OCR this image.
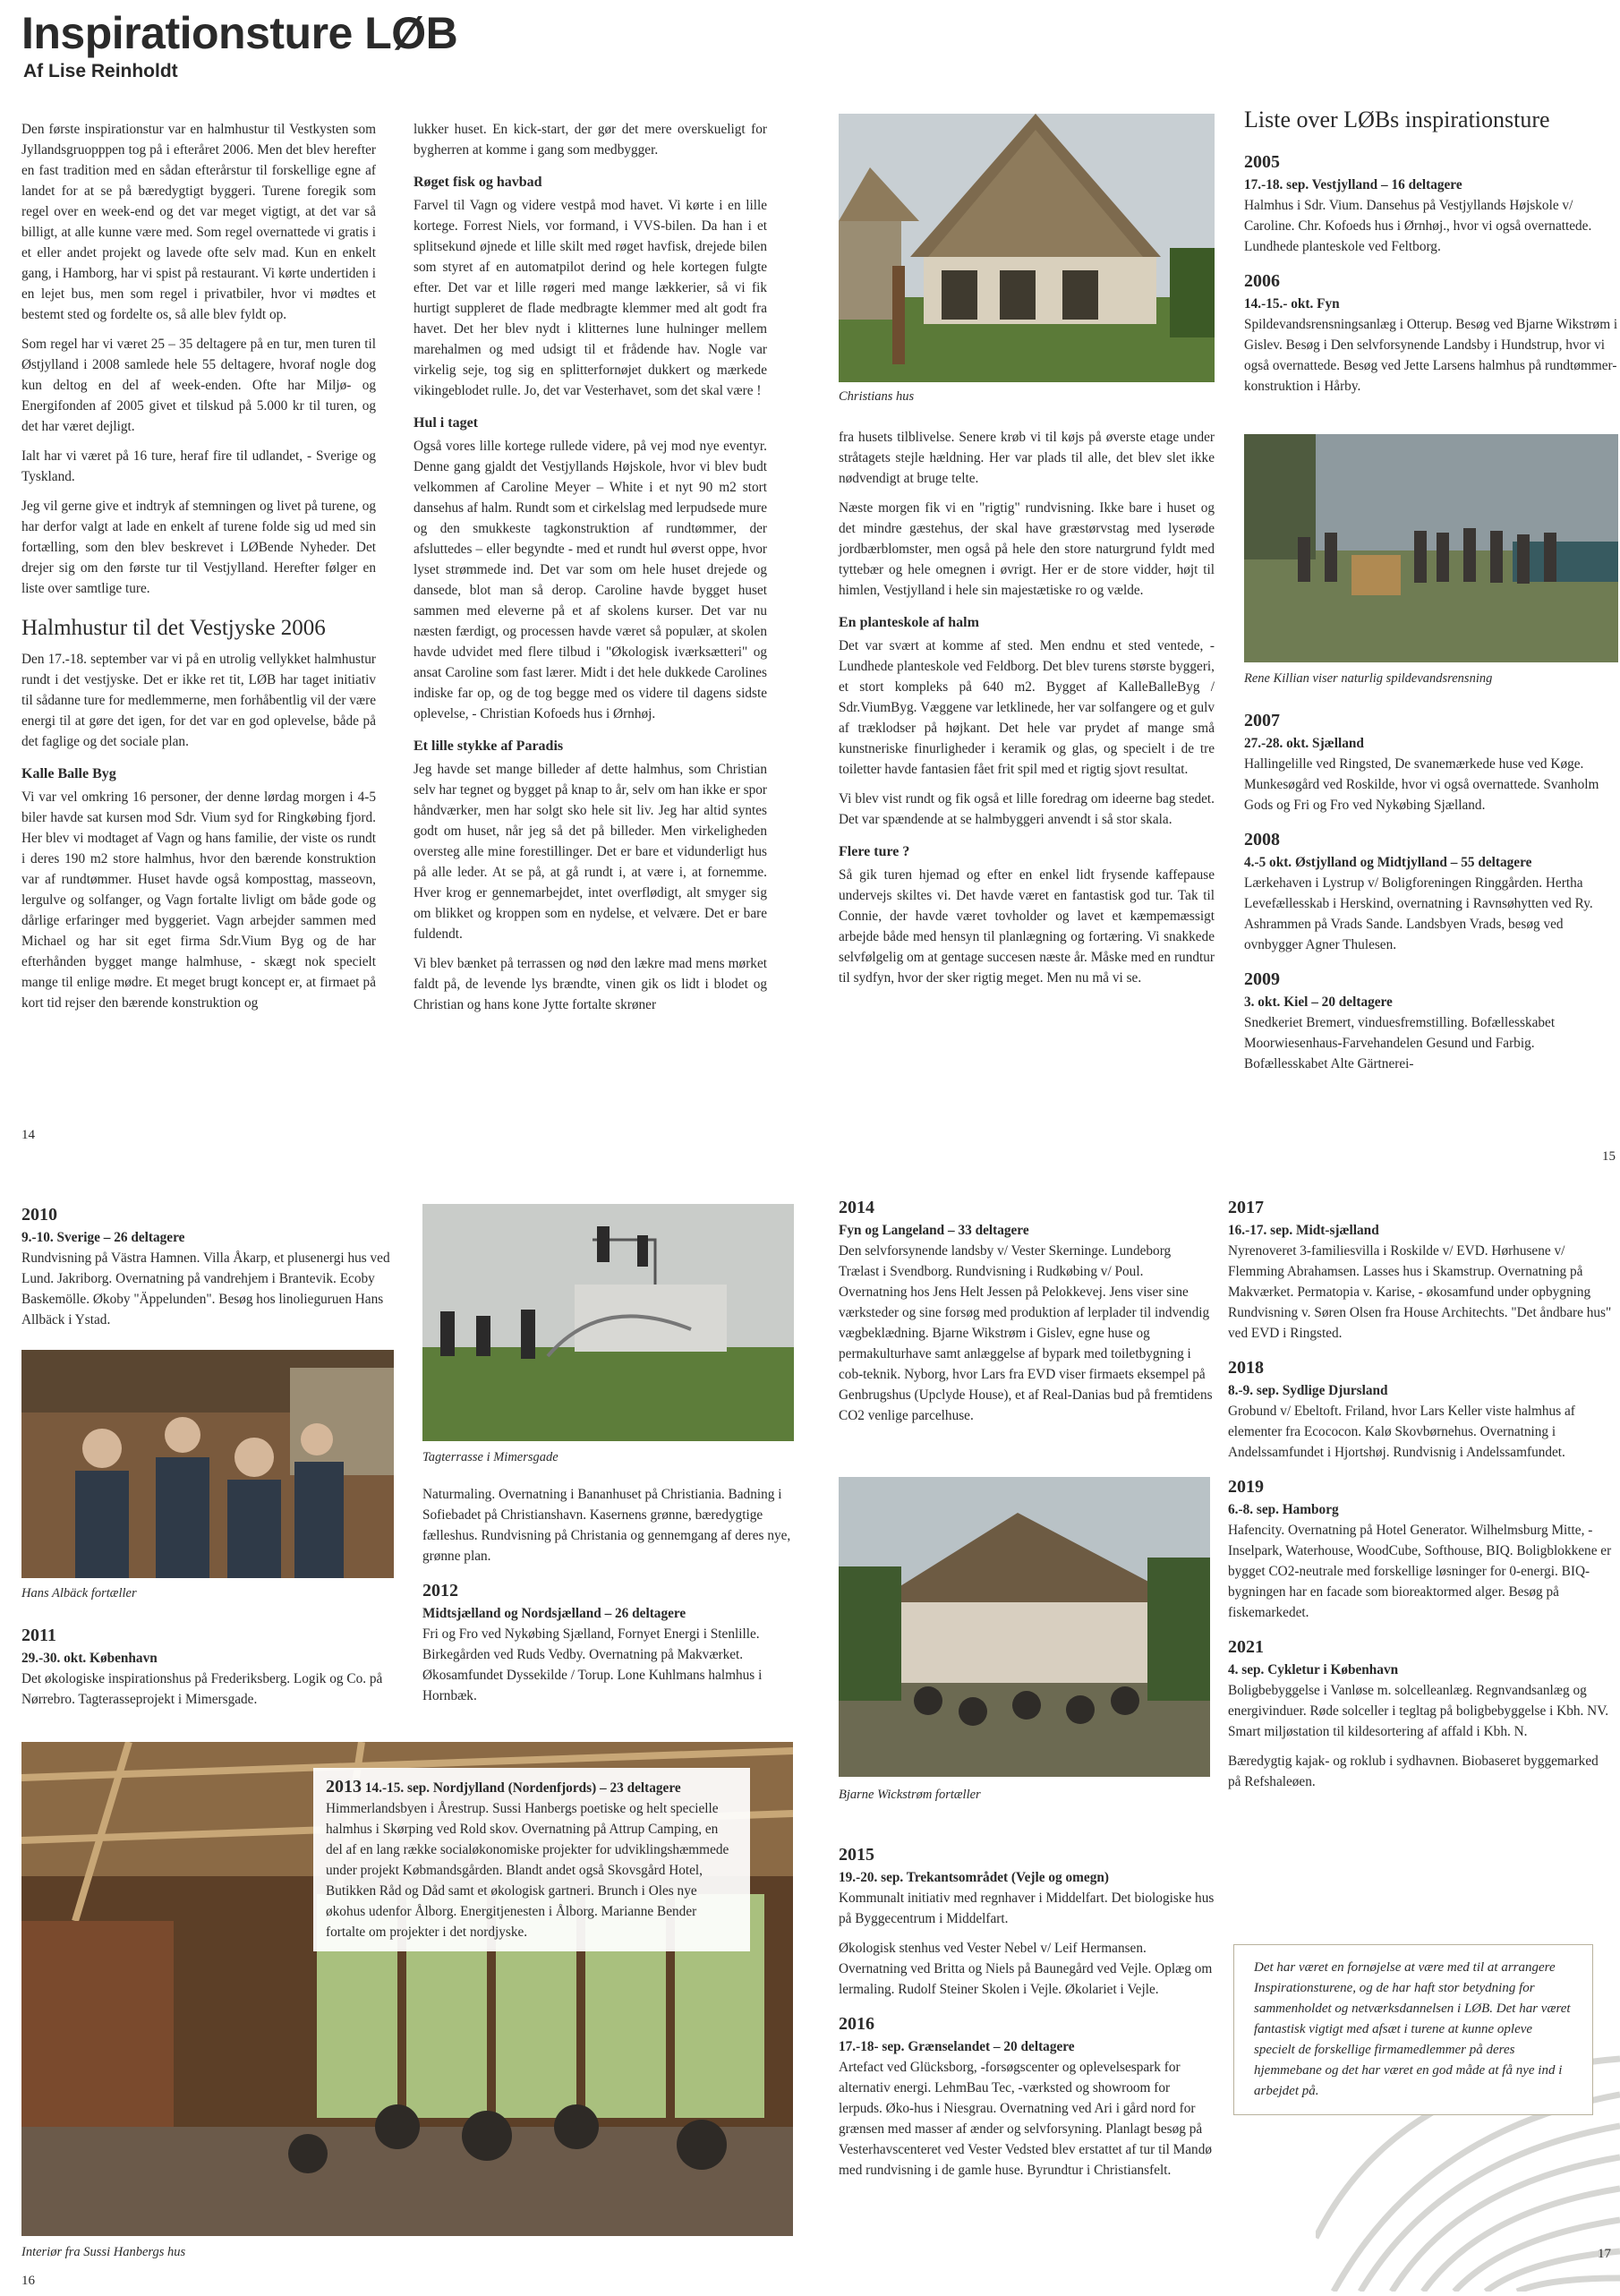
Inspirationsture LØB
Af Lise Reinholdt

Den første inspirationstur var en halmhustur til Vestkysten som Jyllandsgruopppen tog på i efteråret 2006. Men det blev herefter en fast tradition med en sådan efterårstur til forskellige egne af landet for at se på bæredygtigt byggeri. Turene foregik som regel over en week-end og det var meget vigtigt, at det var så billigt, at alle kunne være med. Som regel overnattede vi gratis i et eller andet projekt og lavede ofte selv mad. Kun en enkelt gang, i Hamborg, har vi spist på restaurant. Vi kørte undertiden i en lejet bus, men som regel i privatbiler, hvor vi mødtes et bestemt sted og fordelte os, så alle blev fyldt op.

Som regel har vi været 25 – 35 deltagere på en tur, men turen til Østjylland i 2008 samlede hele 55 deltagere, hvoraf nogle dog kun deltog en del af week-enden. Ofte har Miljø- og Energifonden af 2005 givet et tilskud på 5.000 kr til turen, og det har været dejligt.

Ialt har vi været på 16 ture, heraf fire til udlandet, - Sverige og Tyskland.

Jeg vil gerne give et indtryk af stemningen og livet på turene, og har derfor valgt at lade en enkelt af turene folde sig ud med sin fortælling, som den blev beskrevet i LØBende Nyheder. Det drejer sig om den første tur til Vestjylland. Herefter følger en liste over samtlige ture.

Halmhustur til det Vestjyske 2006

Den 17.-18. september var vi på en utrolig vellykket halmhustur rundt i det vestjyske. Det er ikke ret tit, LØB har taget initiativ til sådanne ture for medlemmerne, men forhåbentlig vil der være energi til at gøre det igen, for det var en god oplevelse, både på det faglige og det sociale plan.

Kalle Balle Byg

Vi var vel omkring 16 personer, der denne lørdag morgen i 4-5 biler havde sat kursen mod Sdr. Vium syd for Ringkøbing fjord. Her blev vi modtaget af Vagn og hans familie, der viste os rundt i deres 190 m2 store halmhus, hvor den bærende konstruktion var af rundtømmer. Huset havde også komposttag, masseovn, lergulve og solfanger, og Vagn fortalte livligt om både gode og dårlige erfaringer med byggeriet. Vagn arbejder sammen med Michael og har sit eget firma Sdr.Vium Byg og de har efterhånden bygget mange halmhuse, - skægt nok specielt mange til enlige mødre. Et meget brugt koncept er, at firmaet på kort tid rejser den bærende konstruktion og

14

lukker huset. En kick-start, der gør det mere overskueligt for bygherren at komme i gang som medbygger.

Røget fisk og havbad

Farvel til Vagn og videre vestpå mod havet. Vi kørte i en lille kortege. Forrest Niels, vor formand, i VVS-bilen. Da han i et splitsekund øjnede et lille skilt med røget havfisk, drejede bilen som styret af en automatpilot derind og hele kortegen fulgte efter. Det var et lille røgeri med mange lækkerier, så vi fik hurtigt suppleret de flade medbragte klemmer med alt godt fra havet. Det her blev nydt i klitternes lune hulninger mellem marehalmen og med udsigt til et frådende hav. Nogle var virkelig seje, tog sig en splitterfornøjet dukkert og mærkede vikingeblodet rulle. Jo, det var Vesterhavet, som det skal være !

Hul i taget

Også vores lille kortege rullede videre, på vej mod nye eventyr. Denne gang gjaldt det Vestjyllands Højskole, hvor vi blev budt velkommen af Caroline Meyer – White i et nyt 90 m2 stort dansehus af halm. Rundt som et cirkelslag med lerpudsede mure og den smukkeste tagkonstruktion af rundtømmer, der afsluttedes – eller begyndte - med et rundt hul øverst oppe, hvor lyset strømmede ind. Det var som om hele huset drejede og dansede, blot man så derop. Caroline havde bygget huset sammen med eleverne på et af skolens kurser. Det var nu næsten færdigt, og processen havde været så populær, at skolen havde udvidet med flere tilbud i "Økologisk iværksætteri" og ansat Caroline som fast lærer. Midt i det hele dukkede Carolines indiske far op, og de tog begge med os videre til dagens sidste oplevelse, - Christian Kofoeds hus i Ørnhøj.

Et lille stykke af Paradis

Jeg havde set mange billeder af dette halmhus, som Christian selv har tegnet og bygget på knap to år, selv om han ikke er spor håndværker, men har solgt sko hele sit liv. Jeg har altid syntes godt om huset, når jeg så det på billeder. Men virkeligheden oversteg alle mine forestillinger. Det er bare et vidunderligt hus på alle leder. At se på, at gå rundt i, at være i, at fornemme. Hver krog er gennemarbejdet, intet overflødigt, alt smyger sig om blikket og kroppen som en nydelse, et velvære. Det er bare fuldendt.

Vi blev bænket på terrassen og nød den lækre mad mens mørket faldt på, de levende lys brændte, vinen gik os lidt i blodet og Christian og hans kone Jytte fortalte skrøner

Christians hus

fra husets tilblivelse. Senere krøb vi til køjs på øverste etage under stråtagets stejle hældning. Her var plads til alle, det blev slet ikke nødvendigt at bruge telte.

Næste morgen fik vi en "rigtig" rundvisning. Ikke bare i huset og det mindre gæstehus, der skal have græstørvstag med lyserøde jordbærblomster, men også på hele den store naturgrund fyldt med tyttebær og hele omegnen i øvrigt. Her er de store vidder, højt til himlen, Vestjylland i hele sin majestætiske ro og vælde.

En planteskole af halm

Det var svært at komme af sted. Men endnu et sted ventede, - Lundhede planteskole ved Feldborg. Det blev turens største byggeri, et stort kompleks på 640 m2. Bygget af KalleBalleByg / Sdr.ViumByg. Væggene var letklinede, her var solfangere og et gulv af træklodser på højkant. Det hele var prydet af mange små kunstneriske finurligheder i keramik og glas, og specielt i de tre toiletter havde fantasien fået frit spil med et rigtig sjovt resultat.

Vi blev vist rundt og fik også et lille foredrag om ideerne bag stedet. Det var spændende at se halmbyggeri anvendt i så stor skala.

Flere ture ?

Så gik turen hjemad og efter en enkel lidt frysende kaffepause undervejs skiltes vi. Det havde været en fantastisk god tur. Tak til Connie, der havde været tovholder og lavet et kæmpemæssigt arbejde både med hensyn til planlægning og fortæring. Vi snakkede selvfølgelig om at gentage succesen næste år. Måske med en rundtur til sydfyn, hvor der sker rigtig meget. Men nu må vi se.

Liste over LØBs inspirationsture
2005
17.-18. sep. Vestjylland – 16 deltagere
Halmhus i Sdr. Vium. Dansehus på Vestjyllands Højskole v/ Caroline. Chr. Kofoeds hus i Ørnhøj., hvor vi også overnattede. Lundhede planteskole ved Feltborg.
2006
14.-15.- okt. Fyn
Spildevandsrensningsanlæg i Otterup. Besøg ved Bjarne Wikstrøm i Gislev. Besøg i Den selvforsynende Landsby i Hundstrup, hvor vi også overnattede. Besøg ved Jette Larsens halmhus på rundtømmer-konstruktion i Hårby.
Rene Killian viser naturlig spildevandsrensning
2007
27.-28. okt. Sjælland
Hallingelille ved Ringsted, De svanemærkede huse ved Køge. Munkesøgård ved Roskilde, hvor vi også overnattede. Svanholm Gods og Fri og Fro ved Nykøbing Sjælland.
2008
4.-5 okt. Østjylland og Midtjylland – 55 deltagere
Lærkehaven i Lystrup v/ Boligforeningen Ringgården. Hertha Levefællesskab i Herskind, overnatning i Ravnsøhytten ved Ry. Ashrammen på Vrads Sande. Landsbyen Vrads, besøg ved ovnbygger Agner Thulesen.
2009
3. okt. Kiel – 20 deltagere
Snedkeriet Bremert, vinduesfremstilling. Bofællesskabet Moorwiesenhaus-Farvehandelen Gesund und Farbig. Bofællesskabet Alte Gärtnerei-
15
2010
9.-10. Sverige – 26 deltagere
Rundvisning på Västra Hamnen. Villa Åkarp, et plusenergi hus ved Lund. Jakriborg. Overnatning på vandrehjem i Brantevik. Ecoby Baskemölle. Økoby "Äppelunden". Besøg hos linolieguruen Hans Allbäck i Ystad.
Hans Albäck fortæller
2011
29.-30. okt. København
Det økologiske inspirationshus på Frederiksberg. Logik og Co. på Nørrebro. Tagterasseprojekt i Mimersgade.
Tagterrasse i Mimersgade
Naturmaling. Overnatning i Bananhuset på Christiania. Badning i Sofiebadet på Christianshavn. Kasernens grønne, bæredygtige fælleshus. Rundvisning på Christania og gennemgang af deres nye, grønne plan.
2012
Midtsjælland og Nordsjælland – 26 deltagere
Fri og Fro ved Nykøbing Sjælland, Fornyet Energi i Stenlille. Birkegården ved Ruds Vedby. Overnatning på Makværket. Økosamfundet Dyssekilde / Torup. Lone Kuhlmans halmhus i Hornbæk.
2013 14.-15. sep. Nordjylland (Nordenfjords) – 23 deltagere
Himmerlandsbyen i Årestrup. Sussi Hanbergs poetiske og helt specielle halmhus i Skørping ved Rold skov. Overnatning på Attrup Camping, en del af en lang række socialøkonomiske projekter for udviklingshæmmede under projekt Købmandsgården. Blandt andet også Skovsgård Hotel, Butikken Råd og Dåd samt et økologisk gartneri. Brunch i Oles nye økohus udenfor Ålborg. Energitjenesten i Ålborg. Marianne Bender fortalte om projekter i det nordjyske.
Interiør fra Sussi Hanbergs hus
16
2014
Fyn og Langeland – 33 deltagere
Den selvforsynende landsby v/ Vester Skerninge. Lundeborg Trælast i Svendborg. Rundvisning i Rudkøbing v/ Poul. Overnatning hos Jens Helt Jessen på Pelokkevej. Jens viser sine værksteder og sine forsøg med produktion af lerplader til indvendig vægbeklædning. Bjarne Wikstrøm i Gislev, egne huse og permakulturhave samt anlæggelse af bypark med toiletbygning i cob-teknik. Nyborg, hvor Lars fra EVD viser firmaets eksempel på Genbrugshus (Upclyde House), et af Real-Danias bud på fremtidens CO2 venlige parcelhuse.
Bjarne Wickstrøm fortæller
2015
19.-20. sep. Trekantsområdet (Vejle og omegn)
Kommunalt initiativ med regnhaver i Middelfart. Det biologiske hus på Byggecentrum i Middelfart.
Økologisk stenhus ved Vester Nebel v/ Leif Hermansen. Overnatning ved Britta og Niels på Baunegård ved Vejle. Oplæg om lermaling. Rudolf Steiner Skolen i Vejle. Økolariet i Vejle.
2016
17.-18- sep. Grænselandet – 20 deltagere
Artefact ved Glücksborg, -forsøgscenter og oplevelsespark for alternativ energi. LehmBau Tec, -værksted og showroom for lerpuds. Øko-hus i Niesgrau. Overnatning ved Ari i gård nord for grænsen med masser af ænder og selvforsyning. Planlagt besøg på Vesterhavscenteret ved Vester Vedsted blev erstattet af tur til Mandø med rundvisning i de gamle huse. Byrundtur i Christiansfelt.
2017
16.-17. sep. Midt-sjælland
Nyrenoveret 3-familiesvilla i Roskilde v/ EVD. Hørhusene v/ Flemming Abrahamsen. Lasses hus i Skamstrup. Overnatning på Makværket. Permatopia v. Karise, - økosamfund under opbygning Rundvisning v. Søren Olsen fra House Architechts. "Det åndbare hus" ved EVD i Ringsted.
2018
8.-9. sep. Sydlige Djursland
Grobund v/ Ebeltoft. Friland, hvor Lars Keller viste halmhus af elementer fra Ecococon. Kalø Skovbørnehus. Overnatning i Andelssamfundet i Hjortshøj. Rundvisnig i Andelssamfundet.
2019
6.-8. sep. Hamborg
Hafencity. Overnatning på Hotel Generator. Wilhelmsburg Mitte, - Inselpark, Waterhouse, WoodCube, Softhouse, BIQ. Boligblokkene er bygget CO2-neutrale med forskellige løsninger for 0-energi. BIQ-bygningen har en facade som bioreaktormed alger. Besøg på fiskemarkedet.
2021
4. sep. Cykletur i København
Boligbebyggelse i Vanløse m. solcelleanlæg. Regnvandsanlæg og energivinduer. Røde solceller i tegltag på boligbebyggelse i Kbh. NV. Smart miljøstation til kildesortering af affald i Kbh. N.
Bæredygtig kajak- og roklub i sydhavnen. Biobaseret byggemarked på Refshaleøen.
Det har været en fornøjelse at være med til at arrangere Inspirationsturene, og de har haft stor betydning for sammenholdet og netværksdannelsen i LØB. Det har været fantastisk vigtigt med afsæt i turene at kunne opleve specielt de forskellige firmamedlemmer på deres hjemmebane og det har været en god måde at få nye ind i arbejdet på.
17
